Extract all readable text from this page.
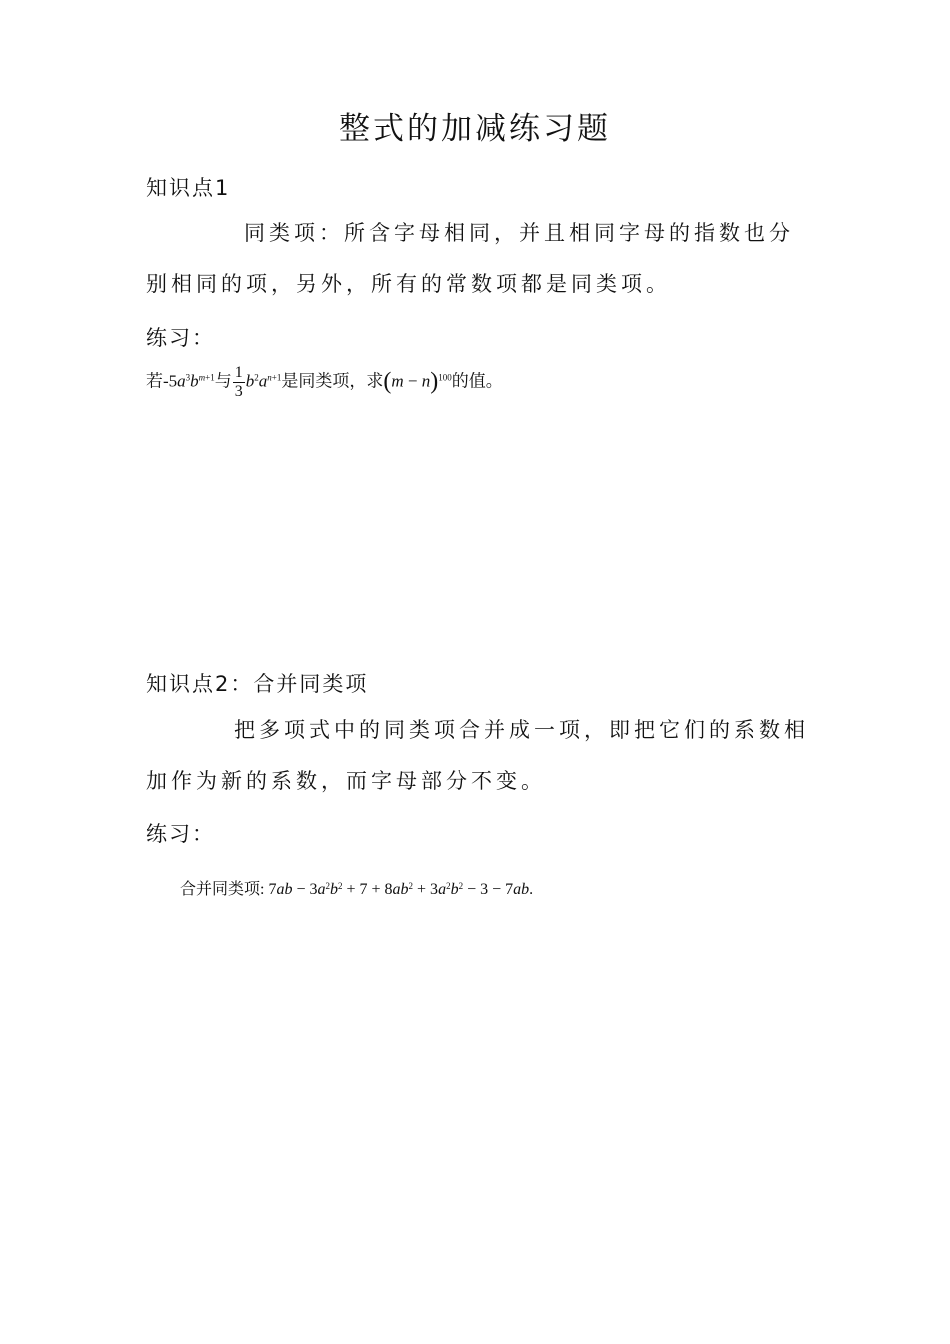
整式的加减练习题
知识点1

同类项：所含字母相同，并且相同字母的指数也分别相同的项，另外，所有的常数项都是同类项。

练习：
若$-5a^3b^{m+1}$与 $\frac{1}{3} b^2a^{n+1}$是同类项，求$(m - n)^{100}$的值。
知识点2：合并同类项

把多项式中的同类项合并成一项，即把它们的系数相加作为新的系数，而字母部分不变。

练习：
合并同类项: $7ab - 3a^2b^2 + 7 + 8ab^2 + 3a^2b^2 - 3 - 7ab$.
